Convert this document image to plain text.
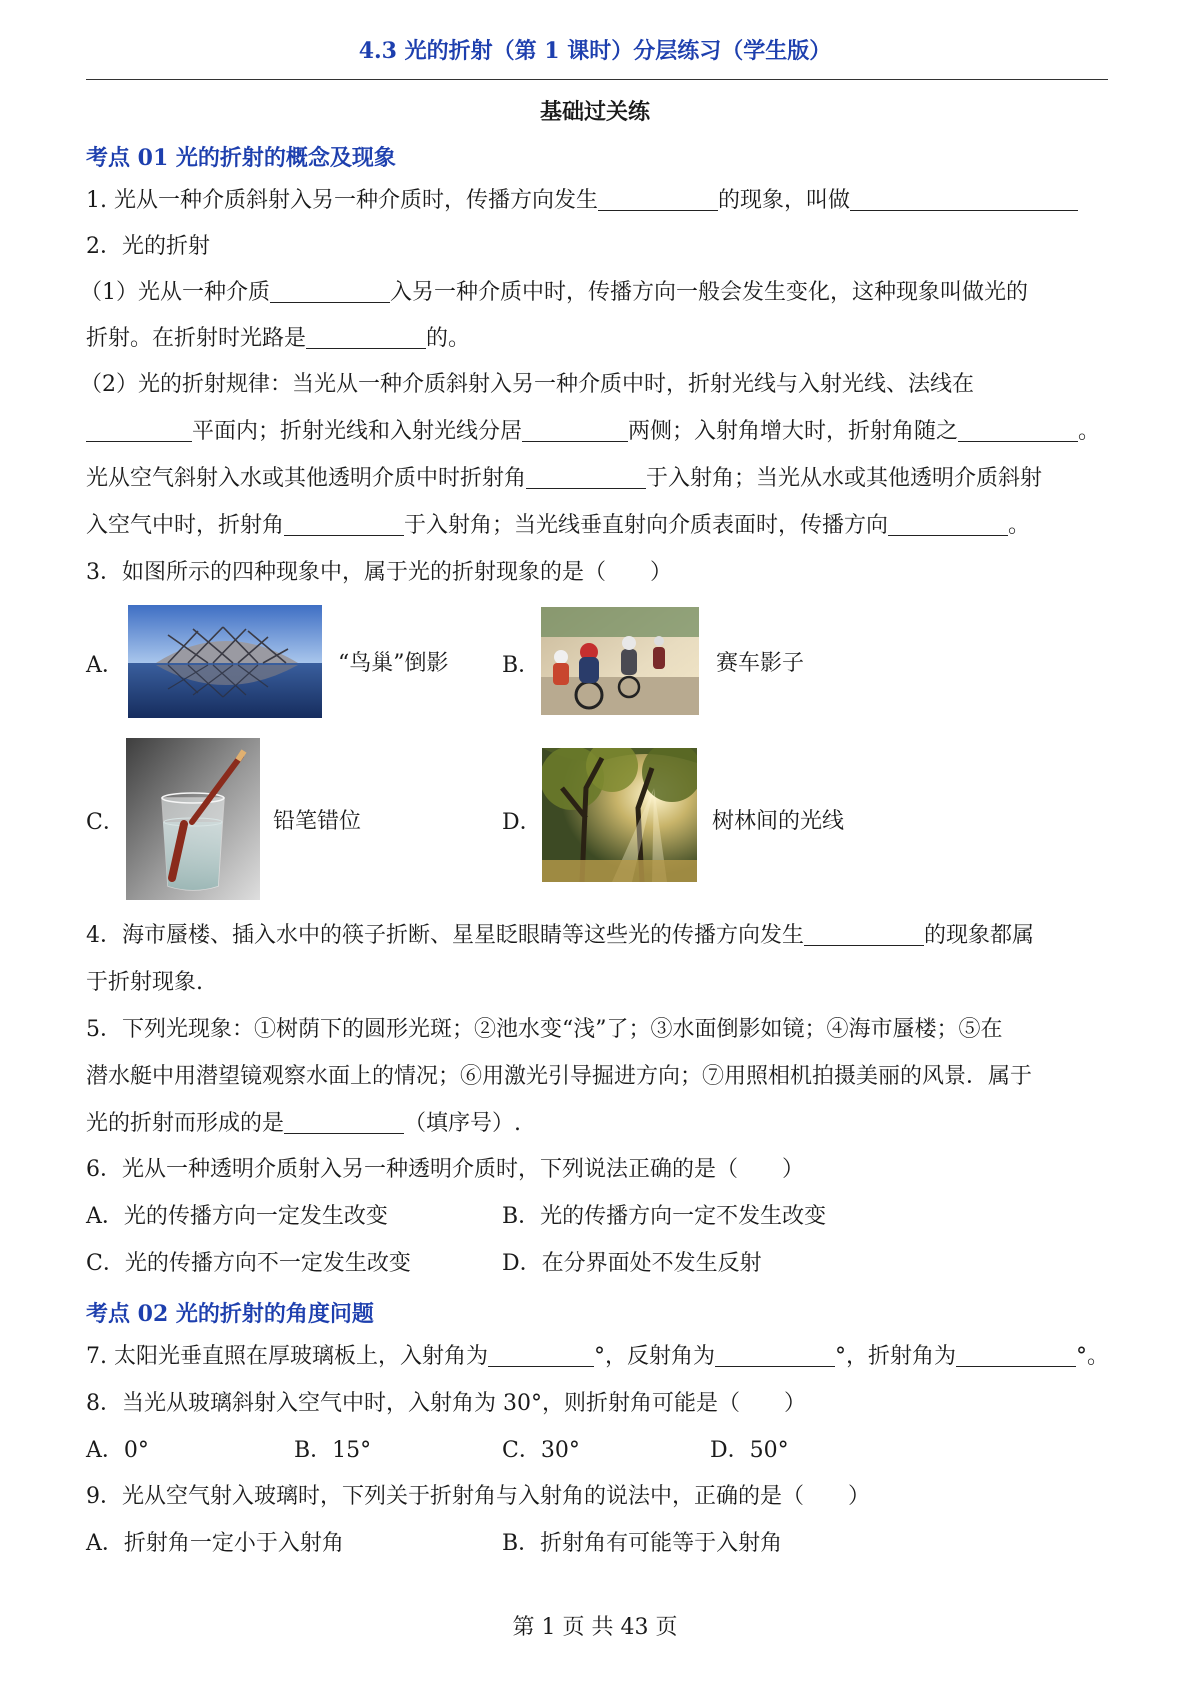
4.3 光的折射（第 1 课时）分层练习（学生版）
基础过关练
考点 01 光的折射的概念及现象
1. 光从一种介质斜射入另一种介质时，传播方向发生	的现象，叫做
2．光的折射
（1）光从一种介质	入另一种介质中时，传播方向一般会发生变化，这种现象叫做光的
折射。在折射时光路是	的。
（2）光的折射规律：当光从一种介质斜射入另一种介质中时，折射光线与入射光线、法线在
平面内；折射光线和入射光线分居	两侧；入射角增大时，折射角随之	。
光从空气斜射入水或其他透明介质中时折射角	于入射角；当光从水或其他透明介质斜射
入空气中时，折射角	于入射角；当光线垂直射向介质表面时，传播方向	。
3．如图所示的四种现象中，属于光的折射现象的是（　　）
A．	“鸟巢”倒影 B．	赛车影子
C．	铅笔错位	D．	树林间的光线
4．海市蜃楼、插入水中的筷子折断、星星眨眼睛等这些光的传播方向发生	的现象都属
于折射现象.
5．下列光现象：①树荫下的圆形光斑；②池水变“浅”了；③水面倒影如镜；④海市蜃楼；⑤在
潜水艇中用潜望镜观察水面上的情况；⑥用激光引导掘进方向；⑦用照相机拍摄美丽的风景．属于
光的折射而形成的是	（填序号）.
6．光从一种透明介质射入另一种透明介质时，下列说法正确的是（　　）
A．光的传播方向一定发生改变	B．光的传播方向一定不发生改变
C．光的传播方向不一定发生改变	D．在分界面处不发生反射
考点 02 光的折射的角度问题
7. 太阳光垂直照在厚玻璃板上，入射角为	°，反射角为	°，折射角为	°。
8．当光从玻璃斜射入空气中时，入射角为 30°，则折射角可能是（　　）
A．0°	B．15°	C．30°	D．50°
9．光从空气射入玻璃时，下列关于折射角与入射角的说法中，正确的是（　　）
A．折射角一定小于入射角	B．折射角有可能等于入射角
第 1 页 共 43 页
